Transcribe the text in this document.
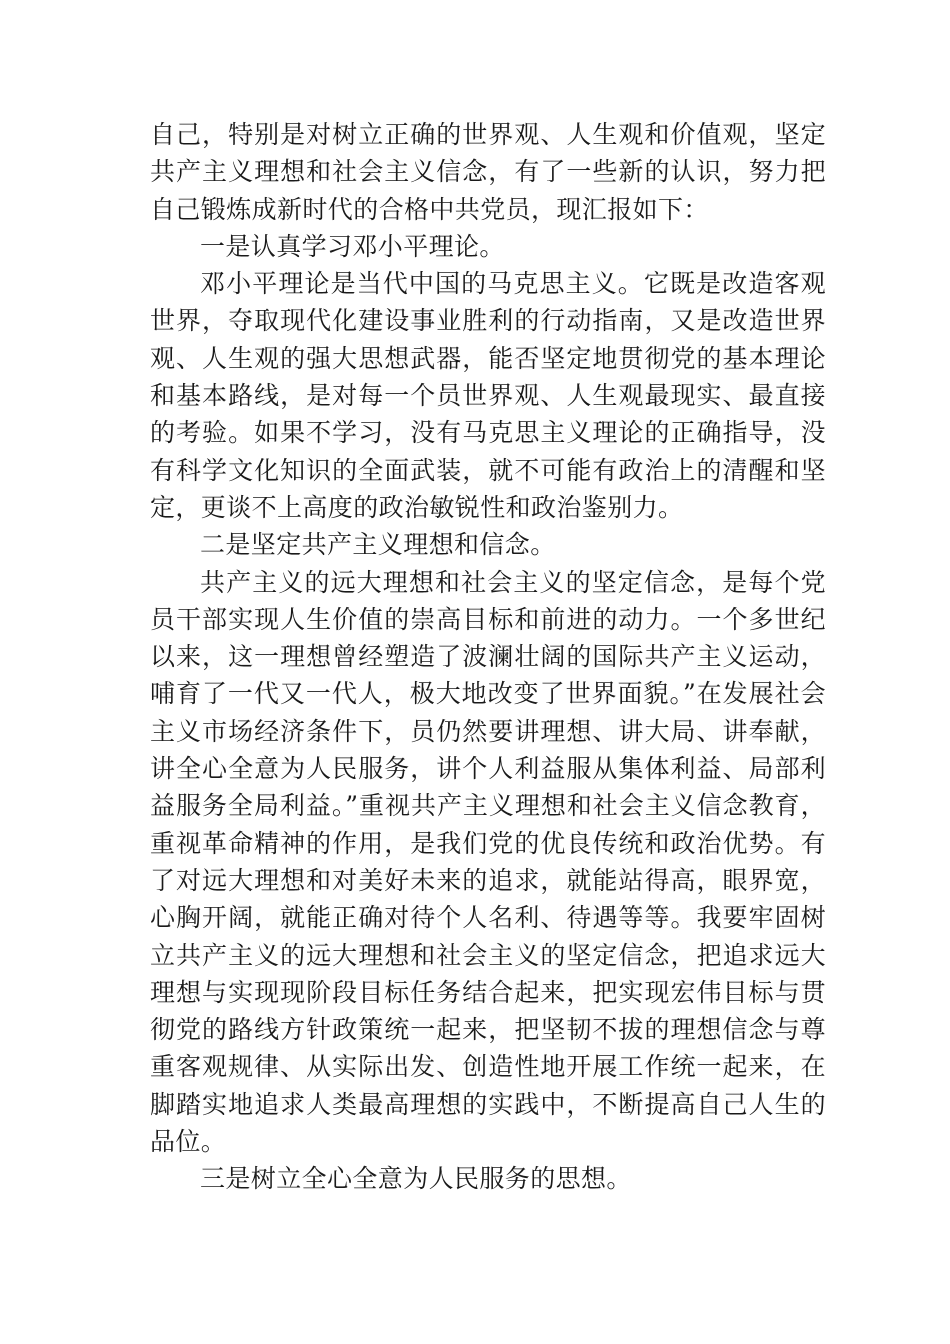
自己，特别是对树立正确的世界观、人生观和价值观，坚定共产主义理想和社会主义信念，有了一些新的认识，努力把自己锻炼成新时代的合格中共党员，现汇报如下：

一是认真学习邓小平理论。

邓小平理论是当代中国的马克思主义。它既是改造客观世界，夺取现代化建设事业胜利的行动指南，又是改造世界观、人生观的强大思想武器，能否坚定地贯彻党的基本理论和基本路线，是对每一个员世界观、人生观最现实、最直接的考验。如果不学习，没有马克思主义理论的正确指导，没有科学文化知识的全面武装，就不可能有政治上的清醒和坚定，更谈不上高度的政治敏锐性和政治鉴别力。

二是坚定共产主义理想和信念。

共产主义的远大理想和社会主义的坚定信念，是每个党员干部实现人生价值的崇高目标和前进的动力。一个多世纪以来，这一理想曾经塑造了波澜壮阔的国际共产主义运动，哺育了一代又一代人，极大地改变了世界面貌。”在发展社会主义市场经济条件下，员仍然要讲理想、讲大局、讲奉献，讲全心全意为人民服务，讲个人利益服从集体利益、局部利益服务全局利益。”重视共产主义理想和社会主义信念教育，重视革命精神的作用，是我们党的优良传统和政治优势。有了对远大理想和对美好未来的追求，就能站得高，眼界宽，心胸开阔，就能正确对待个人名利、待遇等等。我要牢固树立共产主义的远大理想和社会主义的坚定信念，把追求远大理想与实现现阶段目标任务结合起来，把实现宏伟目标与贯彻党的路线方针政策统一起来，把坚韧不拔的理想信念与尊重客观规律、从实际出发、创造性地开展工作统一起来，在脚踏实地追求人类最高理想的实践中，不断提高自己人生的品位。

三是树立全心全意为人民服务的思想。
